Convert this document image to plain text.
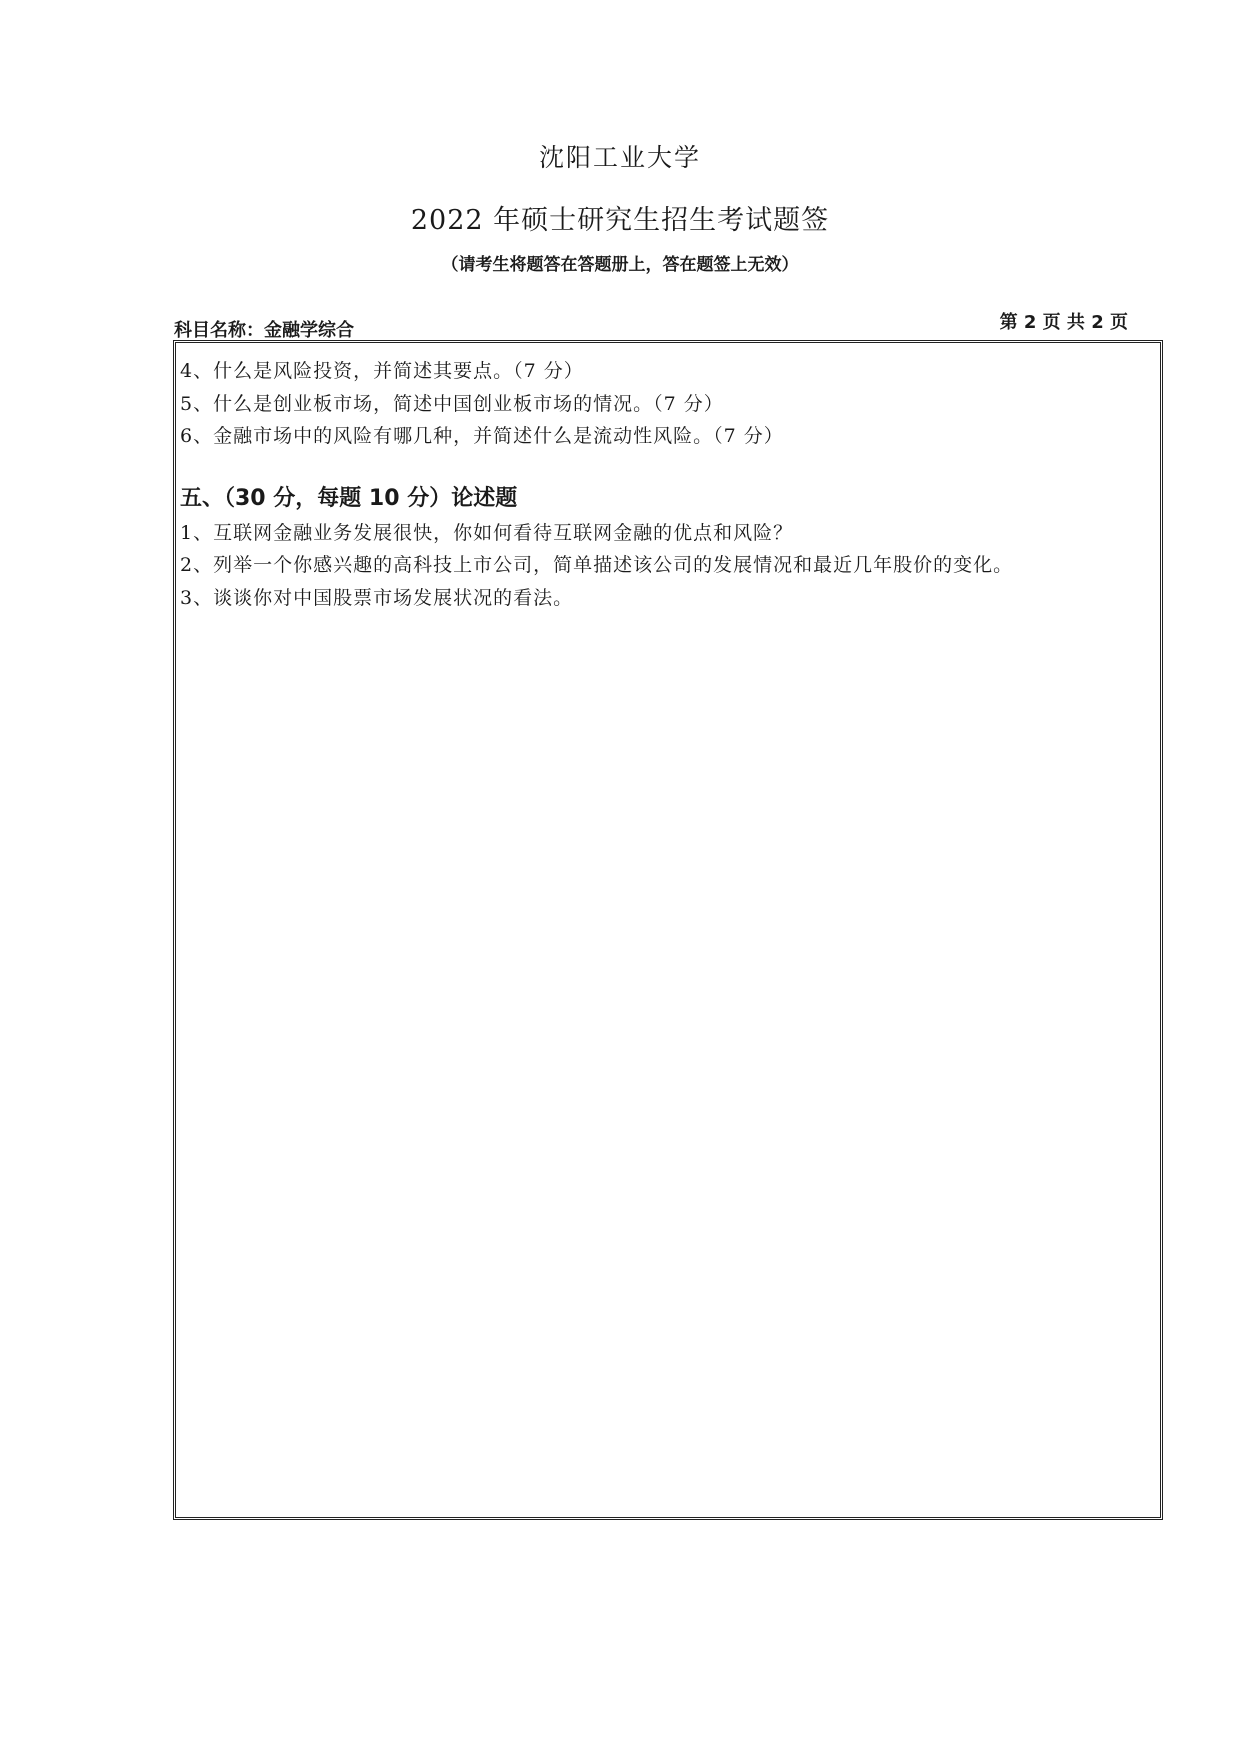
沈阳工业大学
2022 年硕士研究生招生考试题签
（请考生将题答在答题册上，答在题签上无效）
科目名称：金融学综合	第 2 页 共 2 页
4、什么是风险投资，并简述其要点。（7 分）
5、什么是创业板市场，简述中国创业板市场的情况。（7 分）
6、金融市场中的风险有哪几种，并简述什么是流动性风险。（7 分）
五、（30 分，每题 10 分）论述题
1、互联网金融业务发展很快，你如何看待互联网金融的优点和风险？
2、列举一个你感兴趣的高科技上市公司，简单描述该公司的发展情况和最近几年股价的变化。
3、谈谈你对中国股票市场发展状况的看法。
